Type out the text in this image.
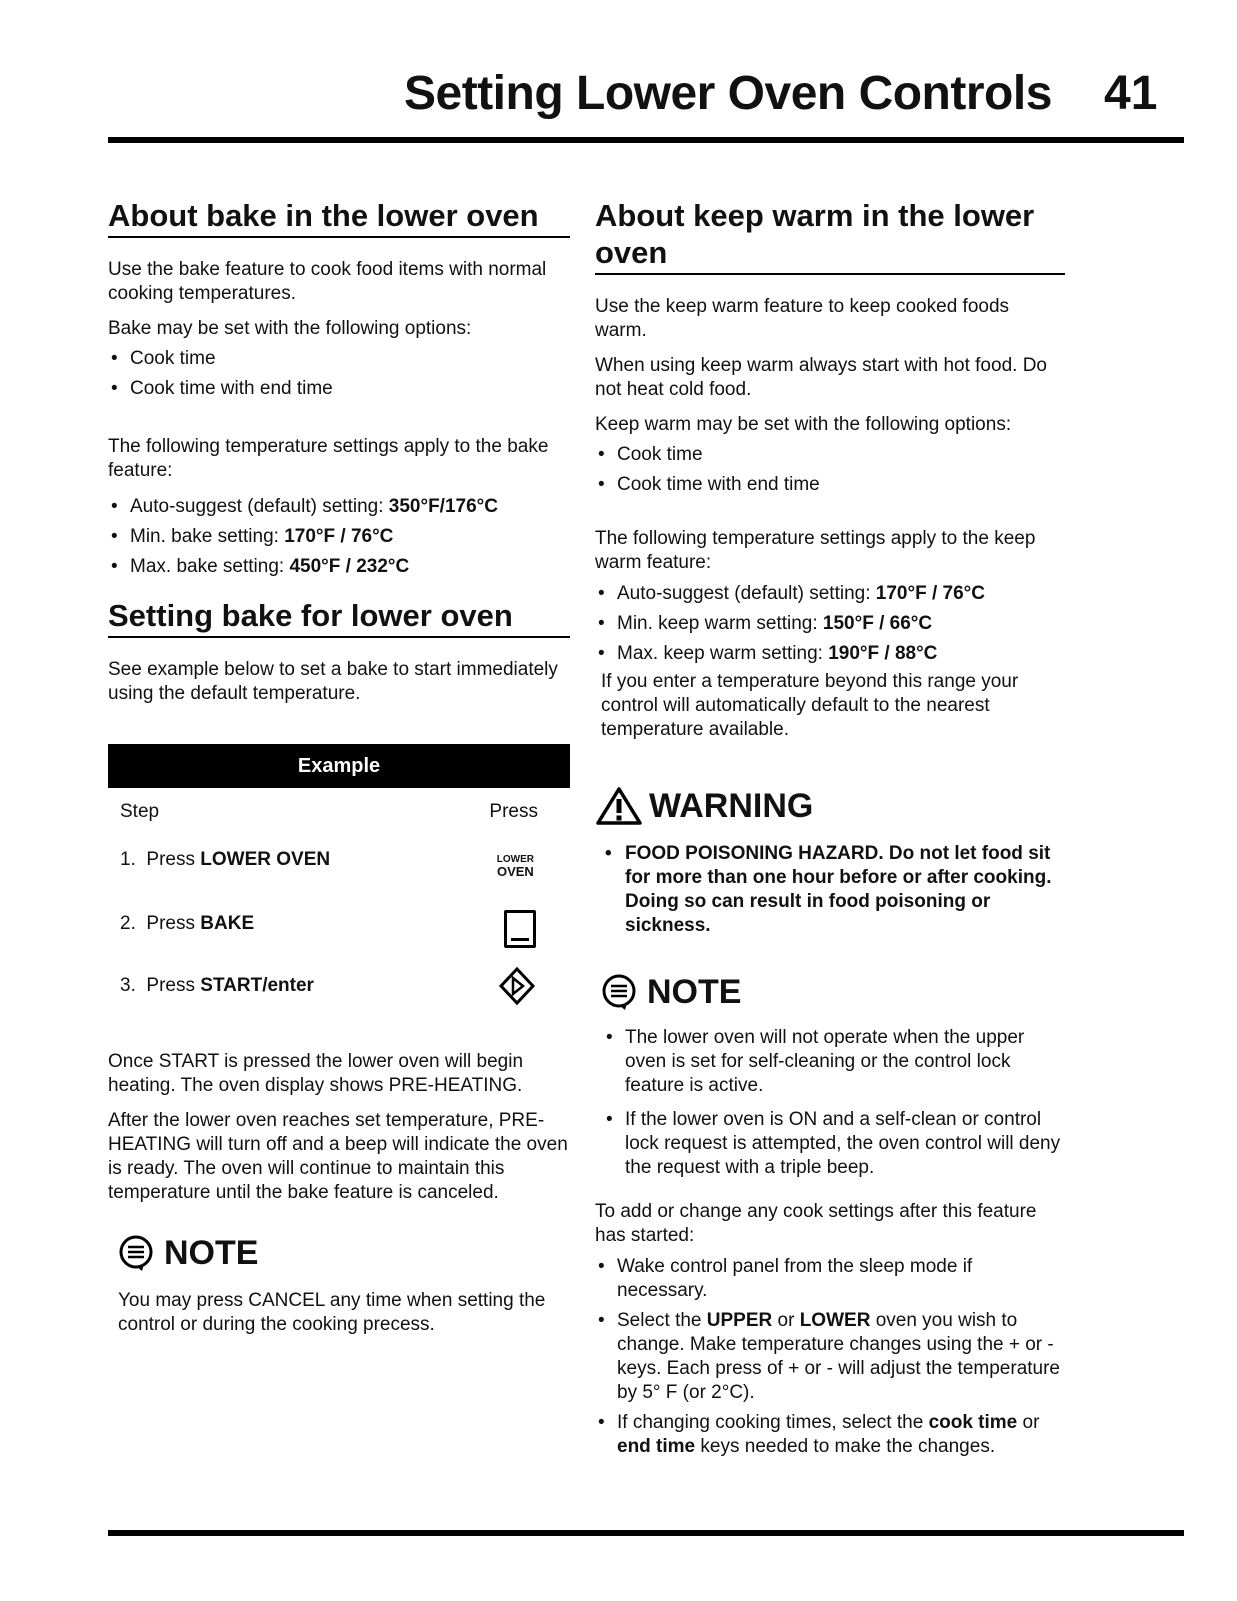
Setting Lower Oven Controls 41
About bake in the lower oven

Use the bake feature to cook food items with normal cooking temperatures.

Bake may be set with the following options:

• Cook time
• Cook time with end time

The following temperature settings apply to the bake feature:

• Auto-suggest (default) setting: 350°F/176°C
• Min. bake setting: 170°F / 76°C
• Max. bake setting: 450°F / 232°C
Setting bake for lower oven

See example below to set a bake to start immediately using the default temperature.

Example
Step	Press
1. Press LOWER OVEN	LOWER
OVEN
2. Press BAKE
3. Press START/enter

Once START is pressed the lower oven will begin heating. The oven display shows PRE-HEATING.

After the lower oven reaches set temperature, PRE-HEATING will turn off and a beep will indicate the oven is ready. The oven will continue to maintain this temperature until the bake feature is canceled.

NOTE

You may press CANCEL any time when setting the control or during the cooking precess.

About keep warm in the lower oven

Use the keep warm feature to keep cooked foods warm.

When using keep warm always start with hot food. Do not heat cold food.

Keep warm may be set with the following options:

• Cook time
• Cook time with end time

The following temperature settings apply to the keep warm feature:

• Auto-suggest (default) setting: 170°F / 76°C
• Min. keep warm setting: 150°F / 66°C
• Max. keep warm setting: 190°F / 88°C

If you enter a temperature beyond this range your control will automatically default to the nearest temperature available.

WARNING
• FOOD POISONING HAZARD. Do not let food sit for more than one hour before or after cooking. Doing so can result in food poisoning or sickness.
NOTE
• The lower oven will not operate when the upper oven is set for self-cleaning or the control lock feature is active.
• If the lower oven is ON and a self-clean or control lock request is attempted, the oven control will deny the request with a triple beep.

To add or change any cook settings after this feature has started:

• Wake control panel from the sleep mode if necessary.
• Select the UPPER or LOWER oven you wish to change. Make temperature changes using the + or - keys. Each press of + or - will adjust the temperature by 5° F (or 2°C).
• If changing cooking times, select the cook time or end time keys needed to make the changes.
